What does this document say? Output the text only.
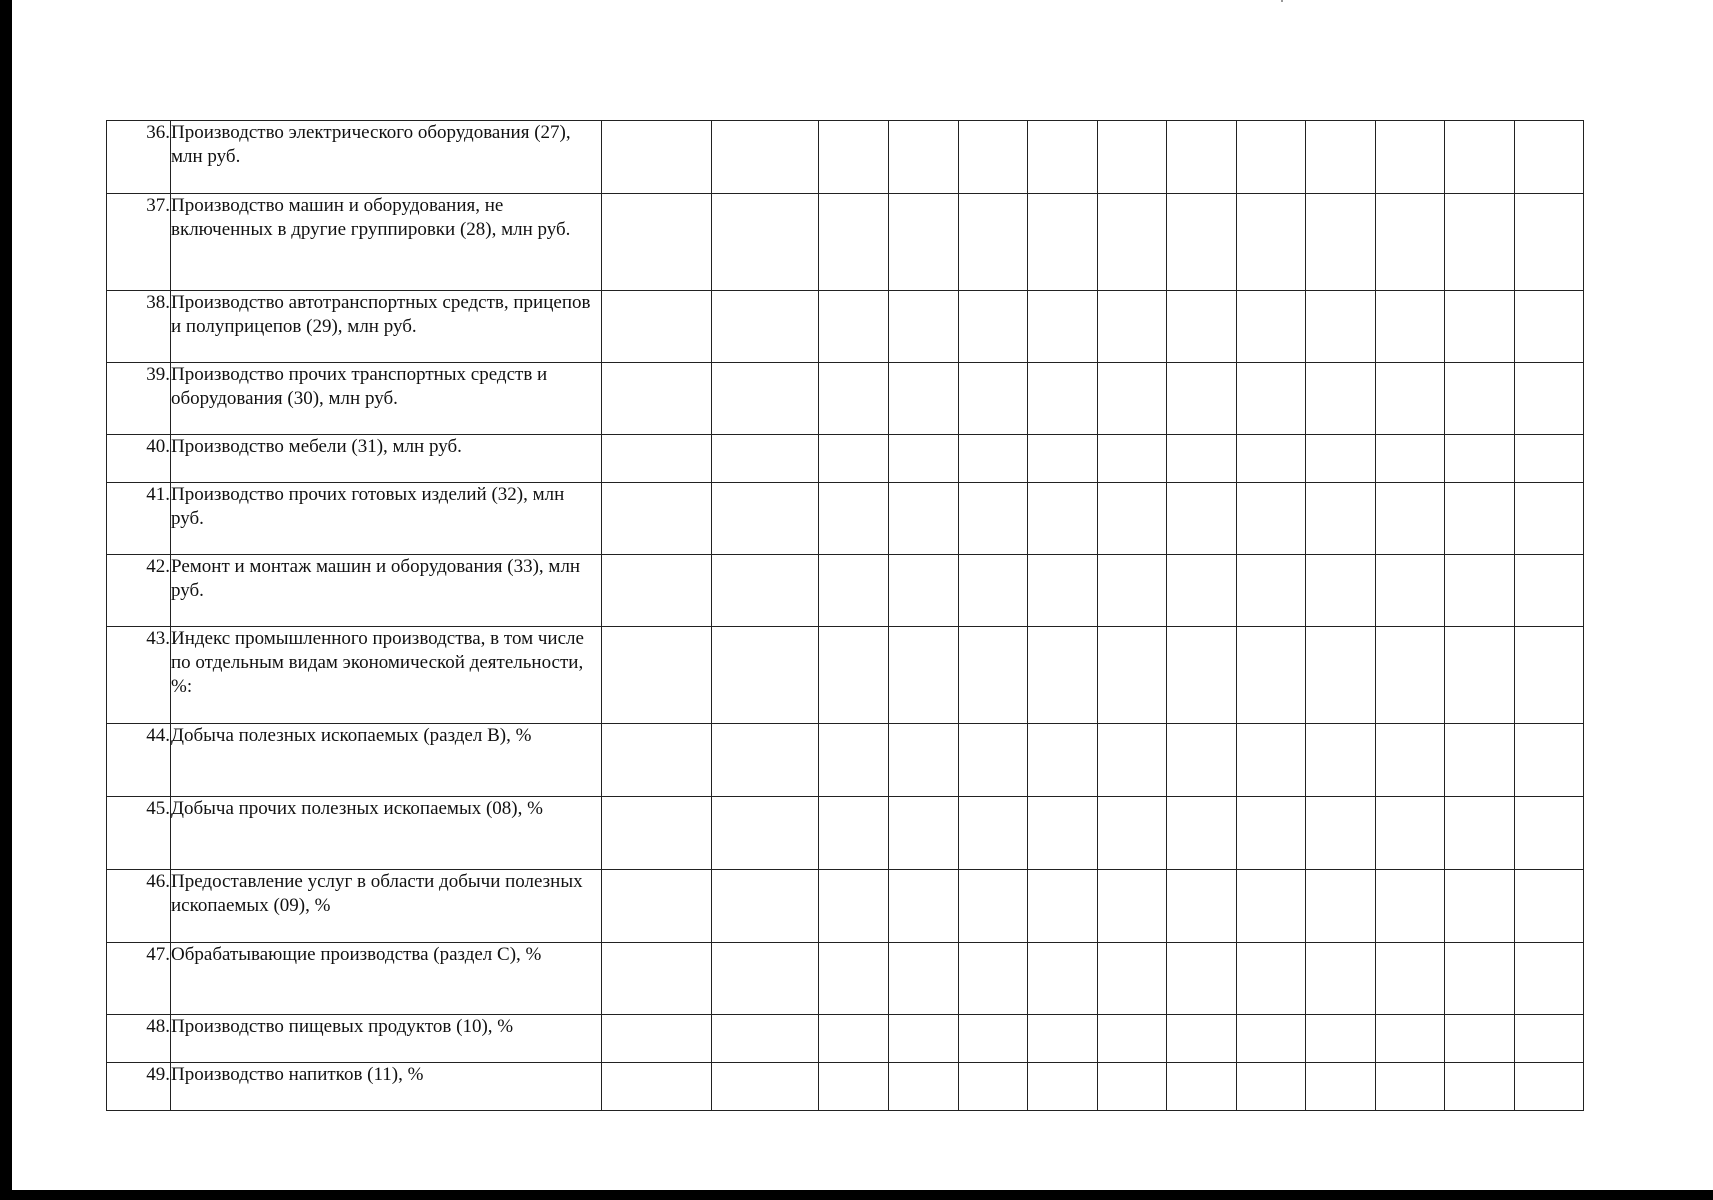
36.	Производство электрического оборудования (27), млн руб.													
37.	Производство машин и оборудования, не включенных в другие группировки (28), млн руб.													
38.	Производство автотранспортных средств, прицепов и полуприцепов (29), млн руб.													
39.	Производство прочих транспортных средств и оборудования (30), млн руб.													
40.	Производство мебели (31), млн руб.													
41.	Производство прочих готовых изделий (32), млн руб.													
42.	Ремонт и монтаж машин и оборудования (33), млн руб.													
43.	Индекс промышленного производства, в том числе по отдельным видам экономической деятельности, %:													
44.	Добыча полезных ископаемых (раздел B), %													
45.	Добыча прочих полезных ископаемых (08), %													
46.	Предоставление услуг в области добычи полезных ископаемых (09), %													
47.	Обрабатывающие производства (раздел C), %													
48.	Производство пищевых продуктов (10), %													
49.	Производство напитков (11), %													
